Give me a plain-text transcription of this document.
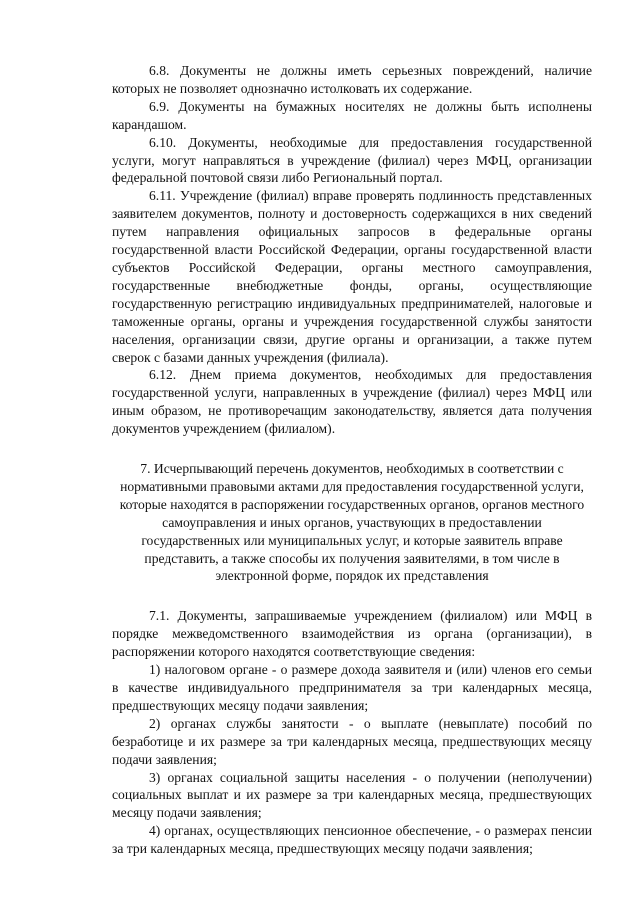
6.8. Документы не должны иметь серьезных повреждений, наличие которых не позволяет однозначно истолковать их содержание.

6.9. Документы на бумажных носителях не должны быть исполнены карандашом.

6.10. Документы, необходимые для предоставления государственной услуги, могут направляться в учреждение (филиал) через МФЦ, организации федеральной почтовой связи либо Региональный портал.

6.11. Учреждение (филиал) вправе проверять подлинность представленных заявителем документов, полноту и достоверность содержащихся в них сведений путем направления официальных запросов в федеральные органы государственной власти Российской Федерации, органы государственной власти субъектов Российской Федерации, органы местного самоуправления, государственные внебюджетные фонды, органы, осуществляющие государственную регистрацию индивидуальных предпринимателей, налоговые и таможенные органы, органы и учреждения государственной службы занятости населения, организации связи, другие органы и организации, а также путем сверок с базами данных учреждения (филиала).

6.12. Днем приема документов, необходимых для предоставления государственной услуги, направленных в учреждение (филиал) через МФЦ или иным образом, не противоречащим законодательству, является дата получения документов учреждением (филиалом).

7. Исчерпывающий перечень документов, необходимых в соответствии с нормативными правовыми актами для предоставления государственной услуги, которые находятся в распоряжении государственных органов, органов местного самоуправления и иных органов, участвующих в предоставлении государственных или муниципальных услуг, и которые заявитель вправе представить, а также способы их получения заявителями, в том числе в электронной форме, порядок их представления

7.1. Документы, запрашиваемые учреждением (филиалом) или МФЦ в порядке межведомственного взаимодействия из органа (организации), в распоряжении которого находятся соответствующие сведения:

1) налоговом органе - о размере дохода заявителя и (или) членов его семьи в качестве индивидуального предпринимателя за три календарных месяца, предшествующих месяцу подачи заявления;

2) органах службы занятости - о выплате (невыплате) пособий по безработице и их размере за три календарных месяца, предшествующих месяцу подачи заявления;

3) органах социальной защиты населения - о получении (неполучении) социальных выплат и их размере за три календарных месяца, предшествующих месяцу подачи заявления;

4) органах, осуществляющих пенсионное обеспечение, - о размерах пенсии за три календарных месяца, предшествующих месяцу подачи заявления;
